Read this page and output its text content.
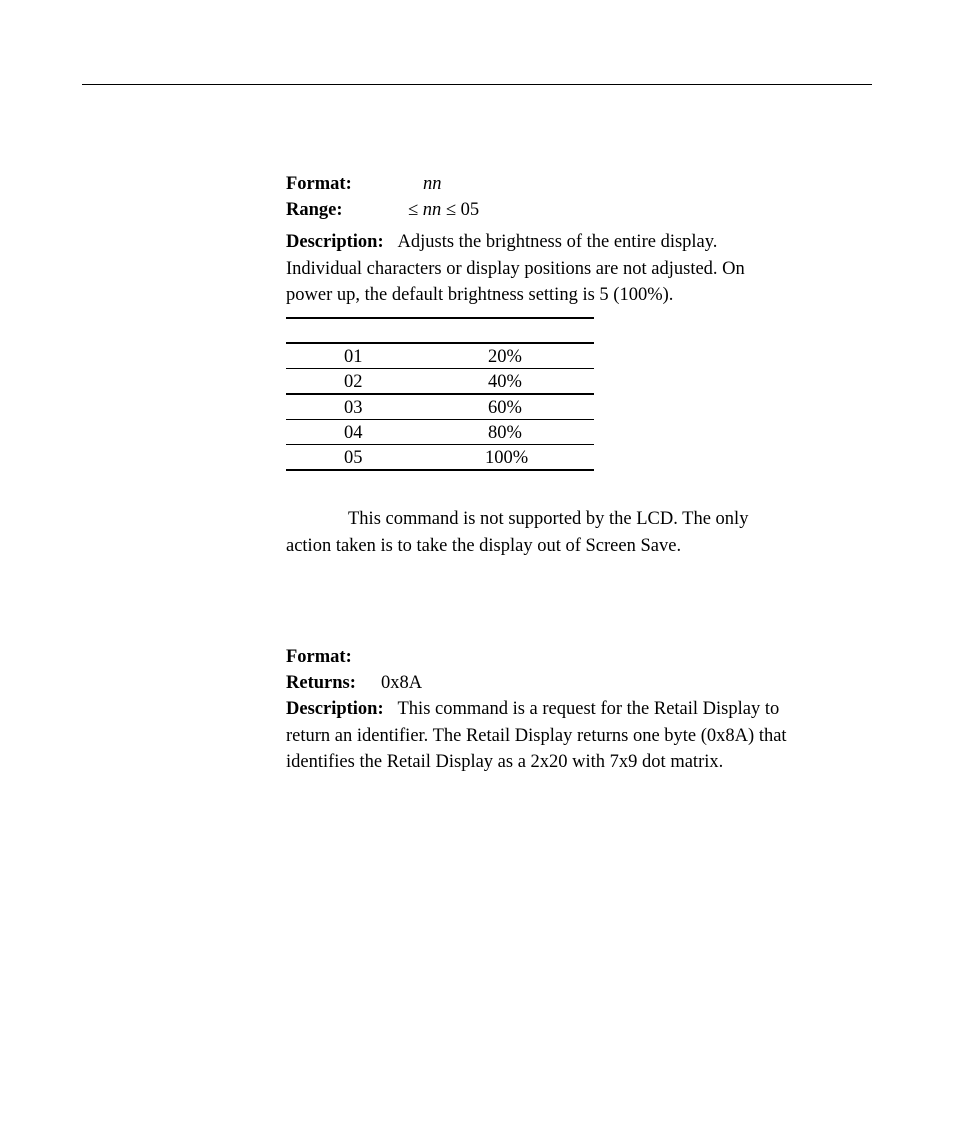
Format:	nn
Range:	≤ nn ≤ 05
Description: Adjusts the brightness of the entire display.
Individual characters or display positions are not adjusted. On
power up, the default brightness setting is 5 (100%).
01	20%
02	40%
03	60%
04	80%
05	100%
This command is not supported by the LCD. The only
action taken is to take the display out of Screen Save.
Format:
Returns: 0x8A
Description: This command is a request for the Retail Display to
return an identifier. The Retail Display returns one byte (0x8A) that
identifies the Retail Display as a 2x20 with 7x9 dot matrix.
